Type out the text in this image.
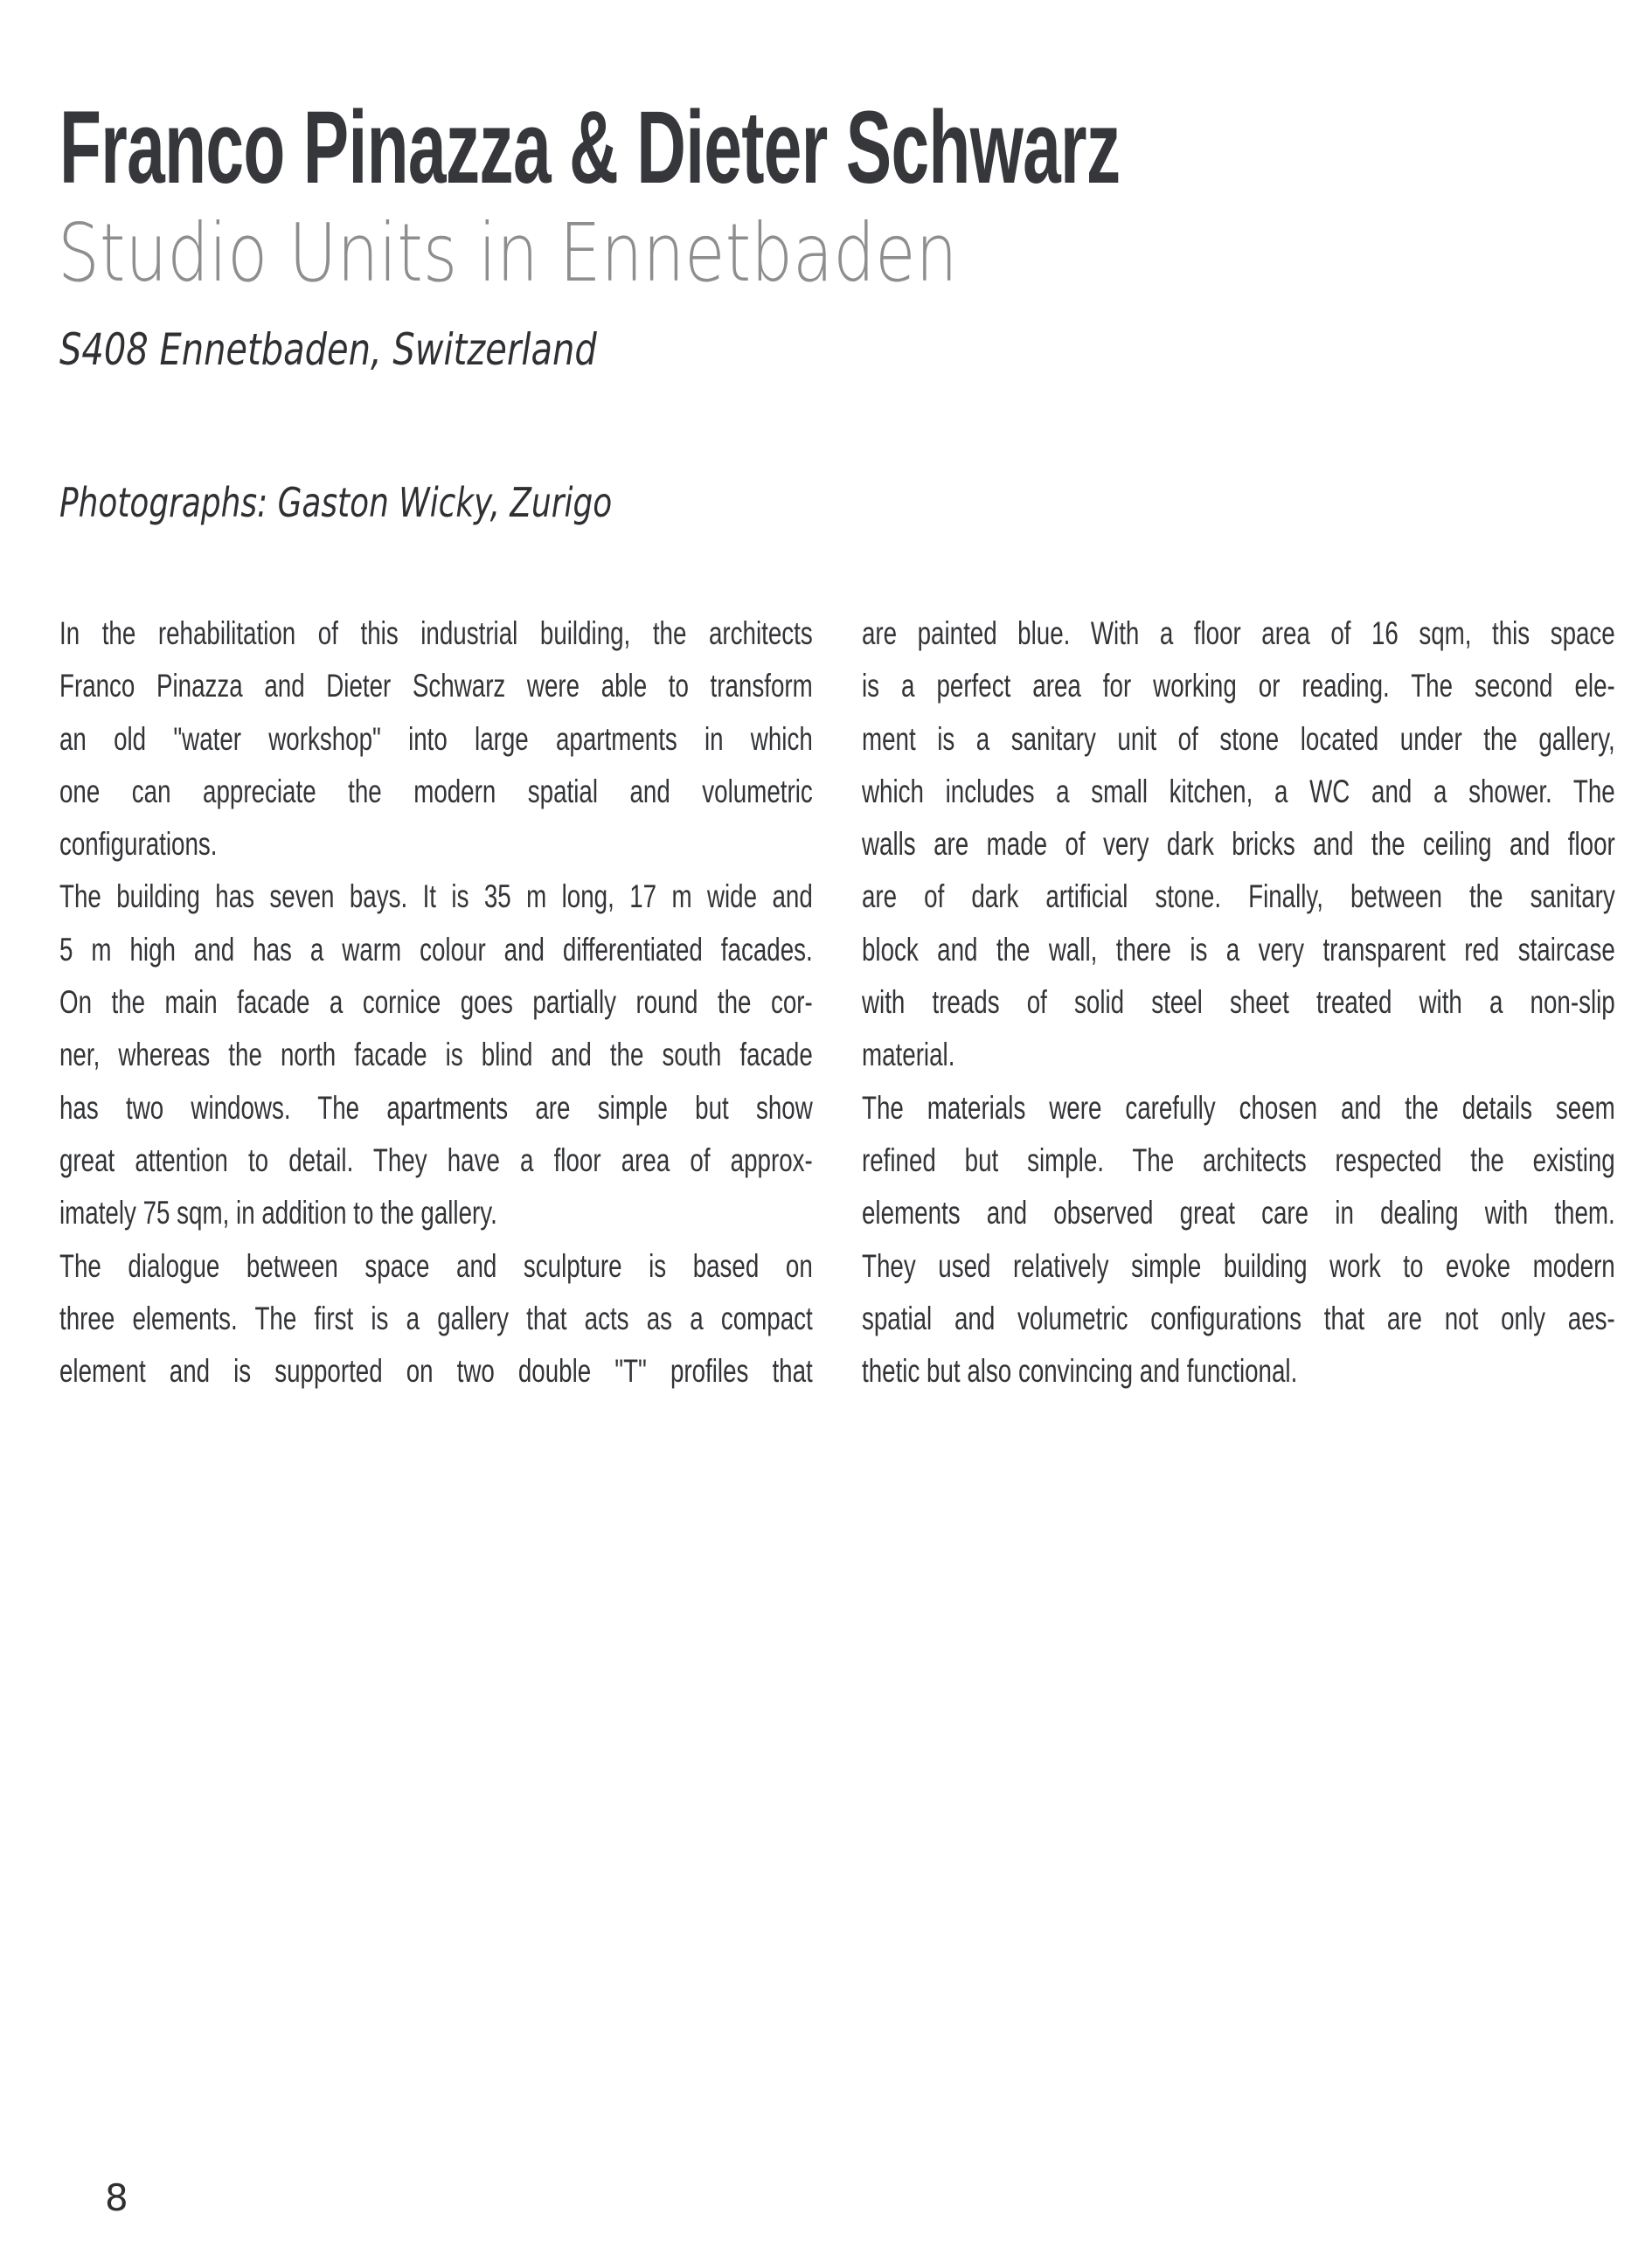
Franco Pinazza & Dieter Schwarz
Studio Units in Ennetbaden
S408 Ennetbaden, Switzerland
Photographs: Gaston Wicky, Zurigo
In the rehabilitation of this industrial building, the architects
Franco Pinazza and Dieter Schwarz were able to transform
an old "water workshop" into large apartments in which
one can appreciate the modern spatial and volumetric
configurations.
The building has seven bays. It is 35 m long, 17 m wide and
5 m high and has a warm colour and differentiated facades.
On the main facade a cornice goes partially round the cor-
ner, whereas the north facade is blind and the south facade
has two windows. The apartments are simple but show
great attention to detail. They have a floor area of approx-
imately 75 sqm, in addition to the gallery.
The dialogue between space and sculpture is based on
three elements. The first is a gallery that acts as a compact
element and is supported on two double "T" profiles that
are painted blue. With a floor area of 16 sqm, this space
is a perfect area for working or reading. The second ele-
ment is a sanitary unit of stone located under the gallery,
which includes a small kitchen, a WC and a shower. The
walls are made of very dark bricks and the ceiling and floor
are of dark artificial stone. Finally, between the sanitary
block and the wall, there is a very transparent red staircase
with treads of solid steel sheet treated with a non-slip
material.
The materials were carefully chosen and the details seem
refined but simple. The architects respected the existing
elements and observed great care in dealing with them.
They used relatively simple building work to evoke modern
spatial and volumetric configurations that are not only aes-
thetic but also convincing and functional.
8
